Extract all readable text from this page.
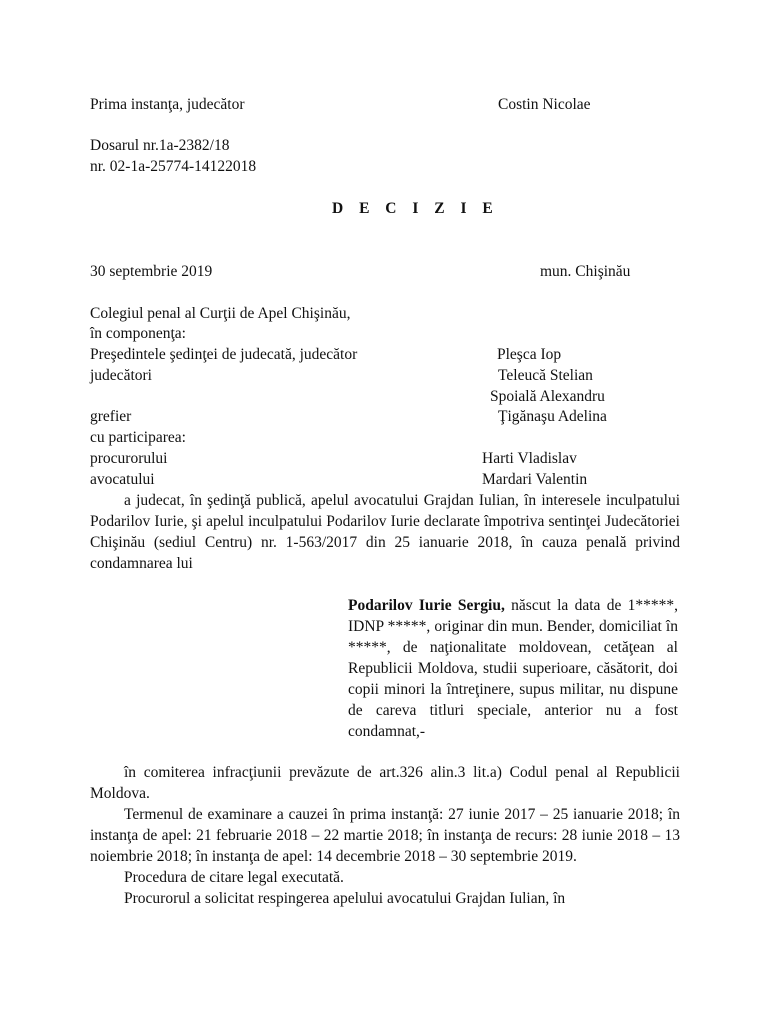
Prima instanţa, judecător	Costin Nicolae
Dosarul nr.1a-2382/18
nr. 02-1a-25774-14122018
D E C I Z I E
30 septembrie 2019	mun. Chişinău
Colegiul penal al Curţii de Apel Chişinău,
în componenţa:
Preşedintele şedinţei de judecată, judecător	Pleşca Iop
judecători	Teleucă Stelian
Spoială Alexandru
grefier	Ţigănaşu Adelina
cu participarea:
procurorului	Harti Vladislav
avocatului	Mardari Valentin

a judecat, în şedinţă publică, apelul avocatului Grajdan Iulian, în interesele inculpatului Podarilov Iurie, şi apelul inculpatului Podarilov Iurie declarate împotriva sentinţei Judecătoriei Chişinău (sediul Centru) nr. 1-563/2017 din 25 ianuarie 2018, în cauza penală privind condamnarea lui

Podarilov Iurie Sergiu, născut la data de 1*****, IDNP *****, originar din mun. Bender, domiciliat în *****, de naţionalitate moldovean, cetăţean al Republicii Moldova, studii superioare, căsătorit, doi copii minori la întreţinere, supus militar, nu dispune de careva titluri speciale, anterior nu a fost condamnat,-

în comiterea infracţiunii prevăzute de art.326 alin.3 lit.a) Codul penal al Republicii Moldova.

Termenul de examinare a cauzei în prima instanţă: 27 iunie 2017 – 25 ianuarie 2018; în instanţa de apel: 21 februarie 2018 – 22 martie 2018; în instanţa de recurs: 28 iunie 2018 – 13 noiembrie 2018; în instanţa de apel: 14 decembrie 2018 – 30 septembrie 2019.

Procedura de citare legal executată.

Procurorul a solicitat respingerea apelului avocatului Grajdan Iulian, în
